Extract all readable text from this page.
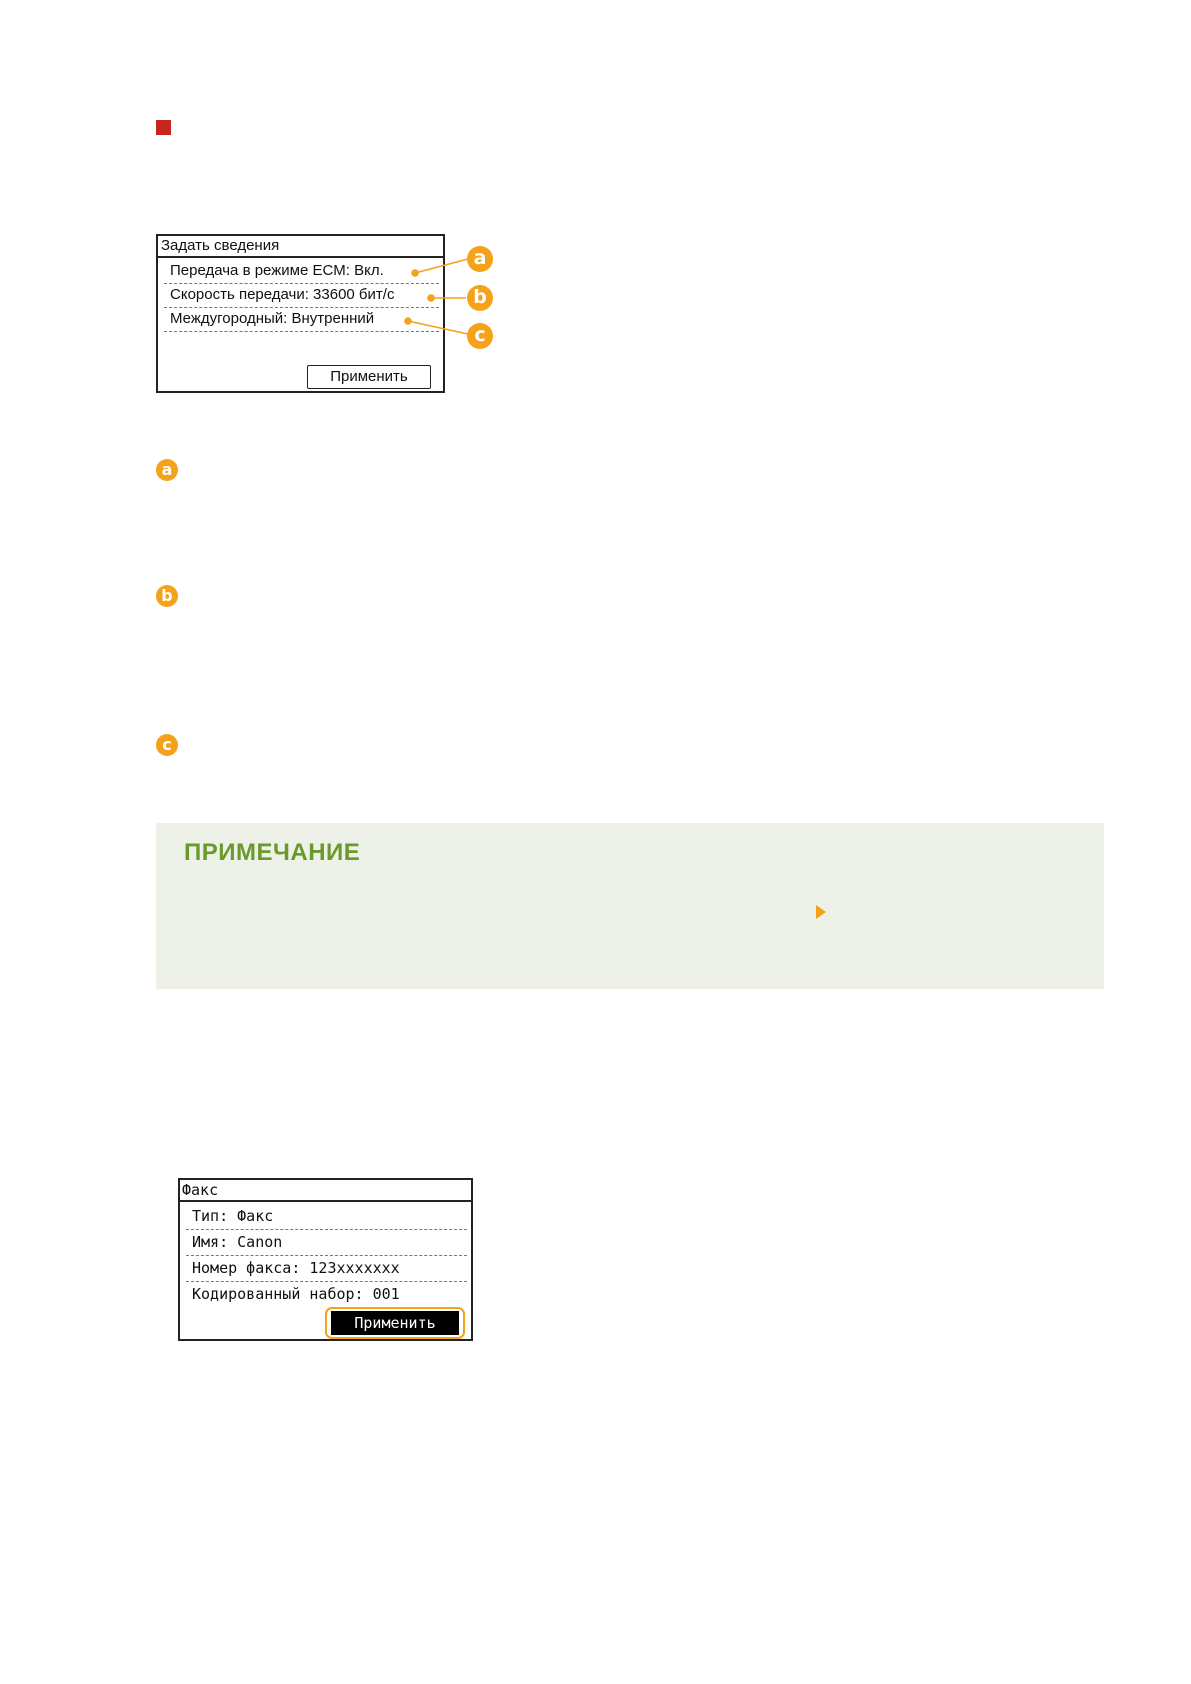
Задать сведения
Передача в режиме ECM: Вкл.
Скорость передачи: 33600 бит/с
Междугородный: Внутренний
Применить
a
b
c
a
b
c
ПРИМЕЧАНИЕ
Факс
Тип: Факс
Имя: Canon
Номер факса: 123xxxxxxx
Кодированный набор: 001
Применить
